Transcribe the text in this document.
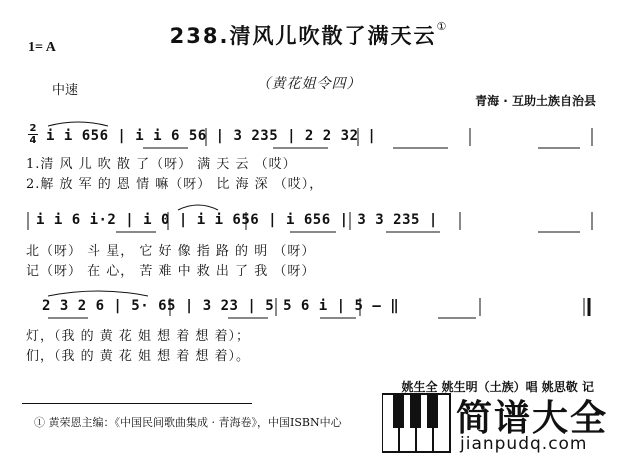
238.清风儿吹散了满天云①
1= A
中速	（黄花姐令四）
青海 · 互助土族自治县
2
4 i i 656 | i i 6 56 | 3 235 | 2 2 32 |
1.清 风 儿 吹 散 了（呀） 满 天 云 （哎）
2.解 放 军 的 恩 情 嘛（呀） 比 海 深 （哎），
i i 6 i·2 | i 0 | i i 656 | i 656 | 3 3 235 |
北（呀） 斗 星， 它 好 像 指 路 的 明 （呀）
记（呀） 在 心， 苦 难 中 救 出 了 我 （呀）
2 3 2 6 | 5· 65 | 3 23 | 5 5 6 i | 5 — ‖
灯，（我 的 黄 花 姐 想 着 想 着）；
们，（我 的 黄 花 姐 想 着 想 着）。
姚生全 姚生明（土族）唱 姚思敬 记
① 黄荣恩主编：《中国民间歌曲集成 · 青海卷》，中国ISBN中心	简谱大全
jianpudq.com
